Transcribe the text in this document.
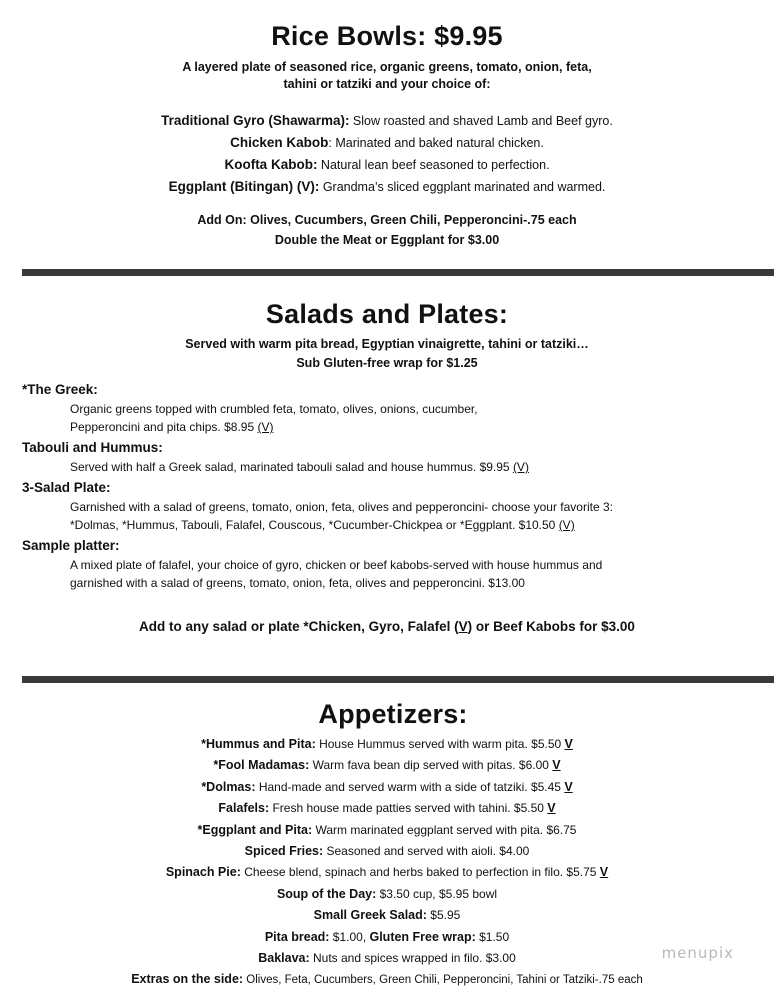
Rice Bowls: $9.95
A layered plate of seasoned rice, organic greens, tomato, onion, feta,
tahini or tatziki and your choice of:
Traditional Gyro (Shawarma): Slow roasted and shaved Lamb and Beef gyro.
Chicken Kabob: Marinated and baked natural chicken.
Koofta Kabob: Natural lean beef seasoned to perfection.
Eggplant (Bitingan) (V): Grandma’s sliced eggplant marinated and warmed.
Add On: Olives, Cucumbers, Green Chili, Pepperoncini-.75 each
Double the Meat or Eggplant for $3.00
Salads and Plates:
Served with warm pita bread, Egyptian vinaigrette, tahini or tatziki…
Sub Gluten-free wrap for $1.25
*The Greek:
Organic greens topped with crumbled feta, tomato, olives, onions, cucumber,
Pepperoncini and pita chips. $8.95 (V)
Tabouli and Hummus:
Served with half a Greek salad, marinated tabouli salad and house hummus. $9.95 (V)
3-Salad Plate:
Garnished with a salad of greens, tomato, onion, feta, olives and pepperoncini- choose your favorite 3:
*Dolmas, *Hummus, Tabouli, Falafel, Couscous, *Cucumber-Chickpea or *Eggplant. $10.50 (V)
Sample platter:
A mixed plate of falafel, your choice of gyro, chicken or beef kabobs-served with house hummus and
garnished with a salad of greens, tomato, onion, feta, olives and pepperoncini. $13.00
Add to any salad or plate *Chicken, Gyro, Falafel (V) or Beef Kabobs for $3.00
Appetizers:
*Hummus and Pita: House Hummus served with warm pita. $5.50 V
*Fool Madamas: Warm fava bean dip served with pitas. $6.00 V
*Dolmas: Hand-made and served warm with a side of tatziki. $5.45 V
Falafels: Fresh house made patties served with tahini. $5.50 V
*Eggplant and Pita: Warm marinated eggplant served with pita. $6.75
Spiced Fries: Seasoned and served with aioli. $4.00
Spinach Pie: Cheese blend, spinach and herbs baked to perfection in filo. $5.75 V
Soup of the Day: $3.50 cup, $5.95 bowl
Small Greek Salad: $5.95
Pita bread: $1.00, Gluten Free wrap: $1.50
Baklava: Nuts and spices wrapped in filo. $3.00
Extras on the side: Olives, Feta, Cucumbers, Green Chili, Pepperoncini, Tahini or Tatziki-.75 each
menupix
